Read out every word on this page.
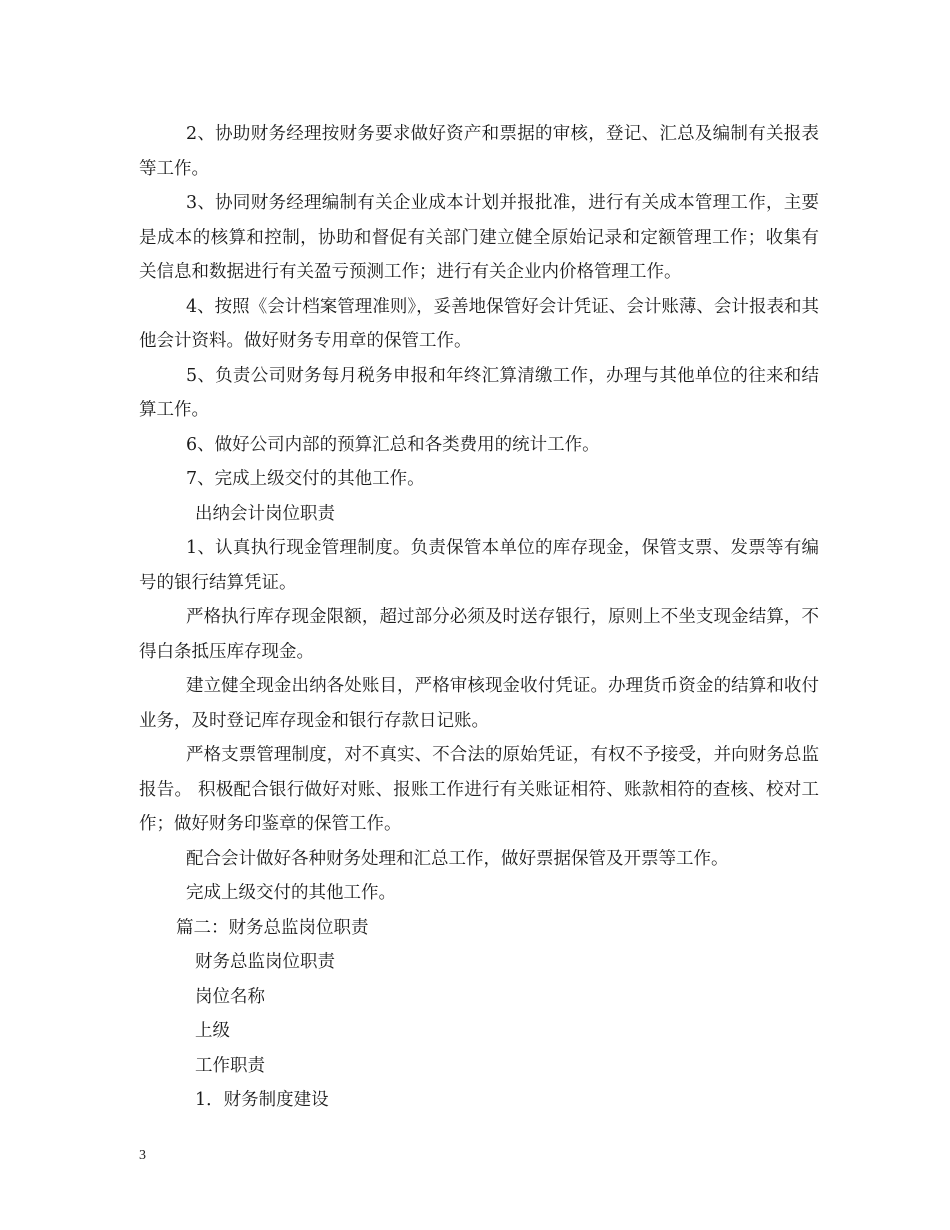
2、协助财务经理按财务要求做好资产和票据的审核，登记、汇总及编制有关报表等工作。

3、协同财务经理编制有关企业成本计划并报批准，进行有关成本管理工作，主要是成本的核算和控制，协助和督促有关部门建立健全原始记录和定额管理工作；收集有关信息和数据进行有关盈亏预测工作；进行有关企业内价格管理工作。

4、按照《会计档案管理准则》，妥善地保管好会计凭证、会计账薄、会计报表和其他会计资料。做好财务专用章的保管工作。

5、负责公司财务每月税务申报和年终汇算清缴工作，办理与其他单位的往来和结算工作。

6、做好公司内部的预算汇总和各类费用的统计工作。

7、完成上级交付的其他工作。

出纳会计岗位职责

1、认真执行现金管理制度。负责保管本单位的库存现金，保管支票、发票等有编号的银行结算凭证。

严格执行库存现金限额，超过部分必须及时送存银行，原则上不坐支现金结算，不得白条抵压库存现金。

建立健全现金出纳各处账目，严格审核现金收付凭证。办理货币资金的结算和收付业务，及时登记库存现金和银行存款日记账。

严格支票管理制度，对不真实、不合法的原始凭证，有权不予接受，并向财务总监报告。 积极配合银行做好对账、报账工作进行有关账证相符、账款相符的查核、校对工作；做好财务印鉴章的保管工作。

配合会计做好各种财务处理和汇总工作，做好票据保管及开票等工作。

完成上级交付的其他工作。

篇二：财务总监岗位职责

财务总监岗位职责

岗位名称

上级

工作职责

1．财务制度建设

3
